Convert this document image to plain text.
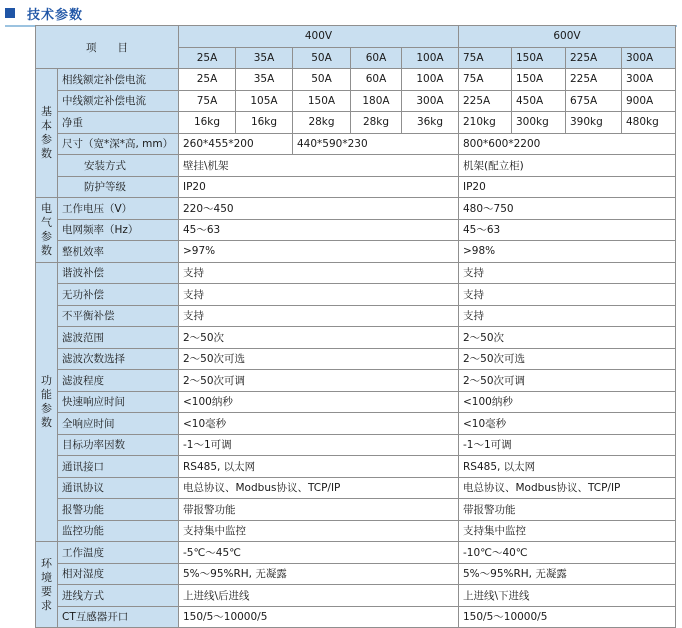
技术参数
项　　目		400V					600V			
		25A	35A	50A	60A	100A	75A	150A	225A	300A

基
本
参
数	相线额定补偿电流	25A	35A	50A	60A	100A	75A	150A	225A	300A
	中线额定补偿电流	75A	105A	150A	180A	300A	225A	450A	675A	900A
	净重	16kg	16kg	28kg	28kg	36kg	210kg	300kg	390kg	480kg
	尺寸（宽*深*高, mm）	260*455*200		440*590*230			800*600*2200			
	安装方式	壁挂\机架					机架(配立柜)			
	防护等级	IP20					IP20			

电
气
参
数	工作电压（V）	220～450					480～750			
	电网频率（Hz）	45～63					45～63			
	整机效率	>97%					>98%			

功
能
参
数	谐波补偿	支持					支持			
	无功补偿	支持					支持			
	不平衡补偿	支持					支持			
	滤波范围	2～50次					2～50次			
	滤波次数选择	2～50次可选					2～50次可选			
	滤波程度	2～50次可调					2～50次可调			
	快速响应时间	<100纳秒					<100纳秒			
	全响应时间	<10毫秒					<10毫秒			
	目标功率因数	-1～1可调					-1～1可调			
	通讯接口	RS485, 以太网					RS485, 以太网			
	通讯协议	电总协议、Modbus协议、TCP/IP					电总协议、Modbus协议、TCP/IP			
	报警功能	带报警功能					带报警功能			
	监控功能	支持集中监控					支持集中监控			

环
境
要
求	工作温度	-5℃～45℃					-10℃～40℃			
	相对湿度	5%～95%RH, 无凝露					5%～95%RH, 无凝露			
	进线方式	上进线\后进线					上进线\下进线			
	CT互感器开口	150/5～10000/5					150/5～10000/5			
